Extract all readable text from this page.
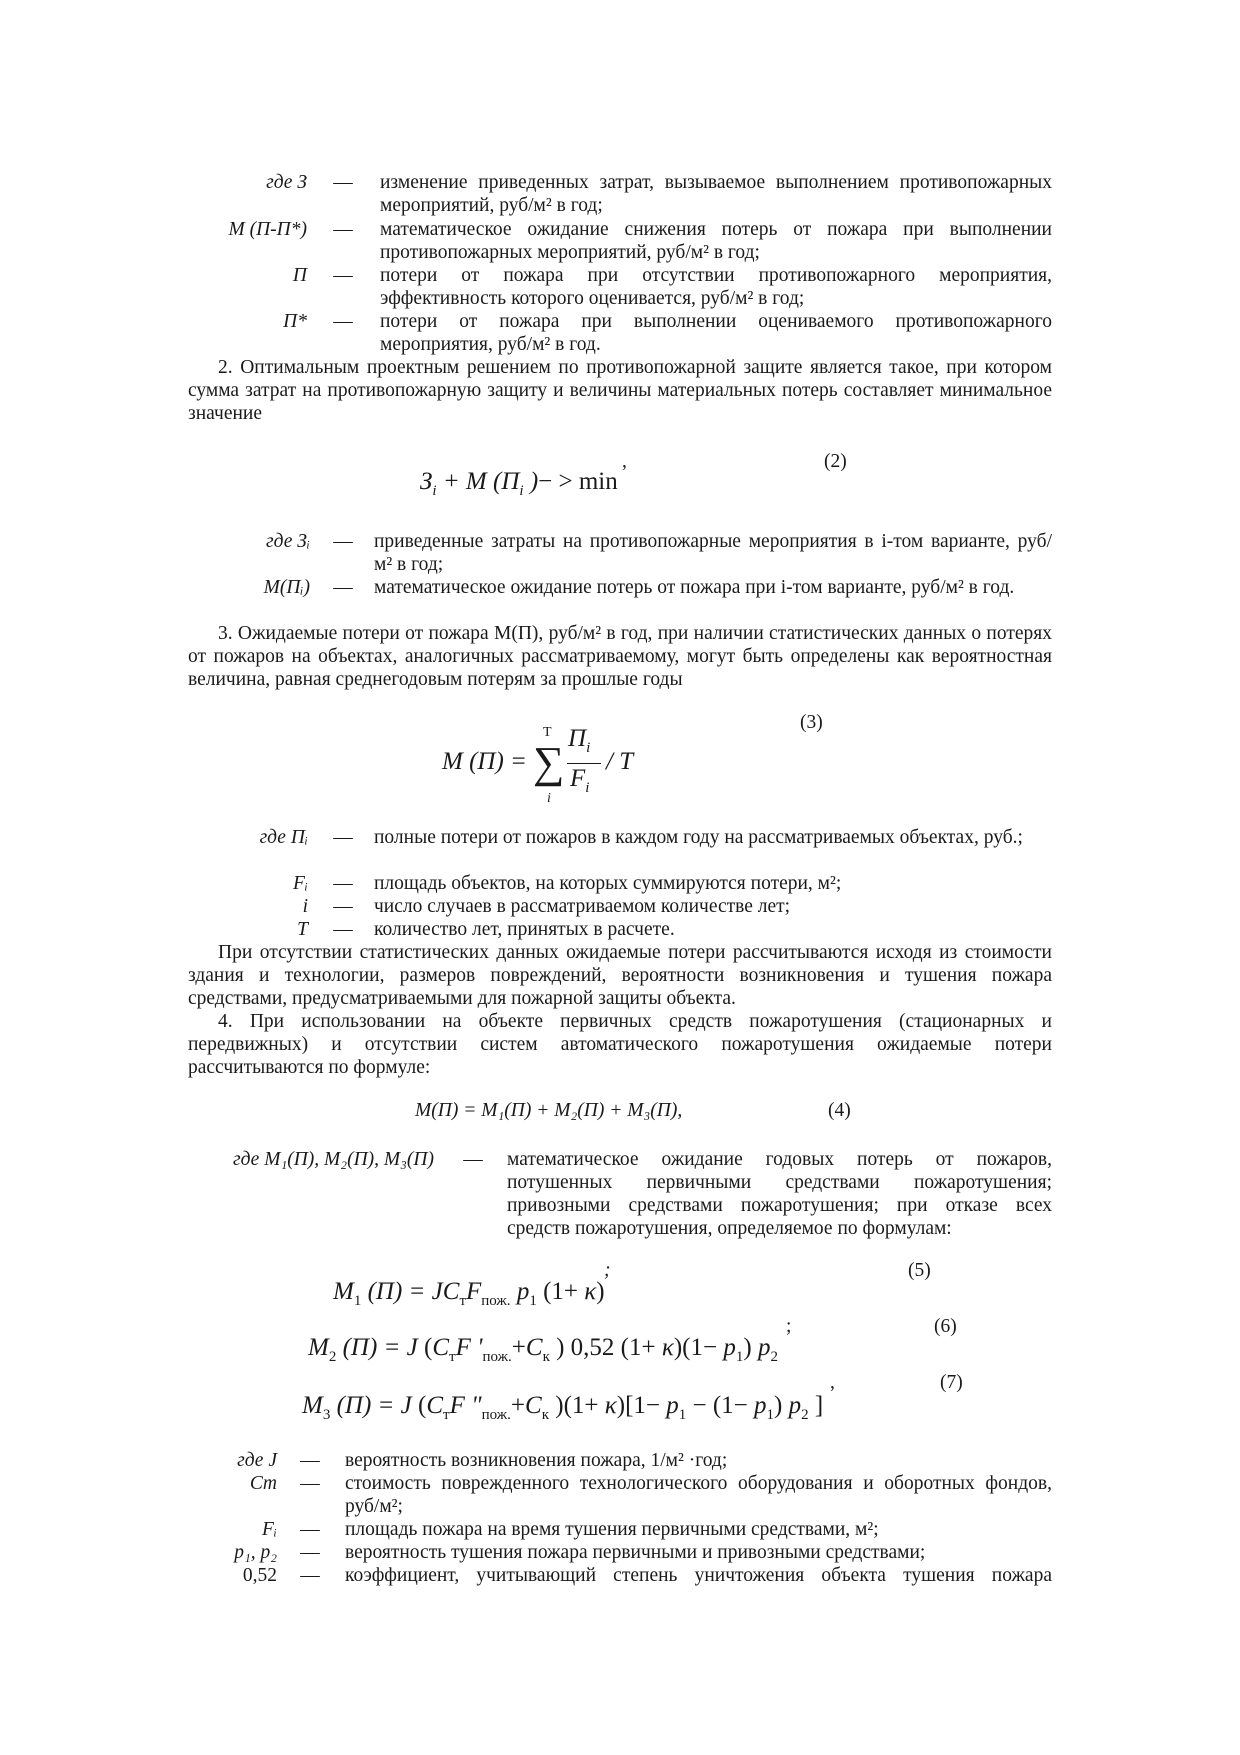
где З — изменение приведенных затрат, вызываемое выполнением противопожарных мероприятий, руб/м² в год;
М (П-П*) — математическое ожидание снижения потерь от пожара при выполнении противопожарных мероприятий, руб/м² в год;
П — потери от пожара при отсутствии противопожарного мероприятия, эффективность которого оценивается, руб/м² в год;
П* — потери от пожара при выполнении оцениваемого противопожарного мероприятия, руб/м² в год.
2. Оптимальным проектным решением по противопожарной защите является такое, при котором сумма затрат на противопожарную защиту и величины материальных потерь составляет минимальное значение
$З_i + М$ ($П_i$ )− > min
,	(2)
где Зᵢ — приведенные затраты на противопожарные мероприятия в i-том варианте, руб/ м² в год;
М(Пᵢ) — математическое ожидание потерь от пожара при i-том варианте, руб/м² в год.
3. Ожидаемые потери от пожара М(П), руб/м² в год, при наличии статистических данных о потерях от пожаров на объектах, аналогичных рассматриваемому, могут быть определены как вероятностная величина, равная среднегодовым потерям за прошлые годы
М (П) = ∑
T
i
$П_i$
$F_i$
/ T
(3)
где Пᵢ — полные потери от пожаров в каждом году на рассматриваемых объектах, руб.;
Fᵢ — площадь объектов, на которых суммируются потери, м²;
i — число случаев в рассматриваемом количестве лет;
T — количество лет, принятых в расчете.
При отсутствии статистических данных ожидаемые потери рассчитываются исходя из стоимости здания и технологии, размеров повреждений, вероятности возникновения и тушения пожара средствами, предусматриваемыми для пожарной защиты объекта.
4. При использовании на объекте первичных средств пожаротушения (стационарных и передвижных) и отсутствии систем автоматического пожаротушения ожидаемые потери рассчитываются по формуле:
М(П) = М₁(П) + М₂(П) + М₃(П),	(4)
где М₁(П), М₂(П), М₃(П) — математическое ожидание годовых потерь от пожаров, потушенных первичными средствами пожаротушения; привозными средствами пожаротушения; при отказе всех средств пожаротушения, определяемое по формулам:
$М_1$ $(П) = JC_тF_{пож.}$ $p_1$ (1+ κ)
;	(5)
$М_2$ (П) = J ($C_тF$ '$_{пож.}+C_к$ ) 0,52 $(1+ \kappa)(1- p_1)$ $p_2$
;	(6)
$М_3$ (П) = J ($C_тF$ "$_{пож.}+C_к$ )$(1+ \kappa)[1- p_1 - (1- p_1)$ $p_2$ ]
,	(7)
где J — вероятность возникновения пожара, 1/м² ·год;
Cт — стоимость поврежденного технологического оборудования и оборотных фондов, руб/м²;
Fᵢ — площадь пожара на время тушения первичными средствами, м²;
p₁, p₂ — вероятность тушения пожара первичными и привозными средствами;
0,52 — коэффициент, учитывающий степень уничтожения объекта тушения пожара
